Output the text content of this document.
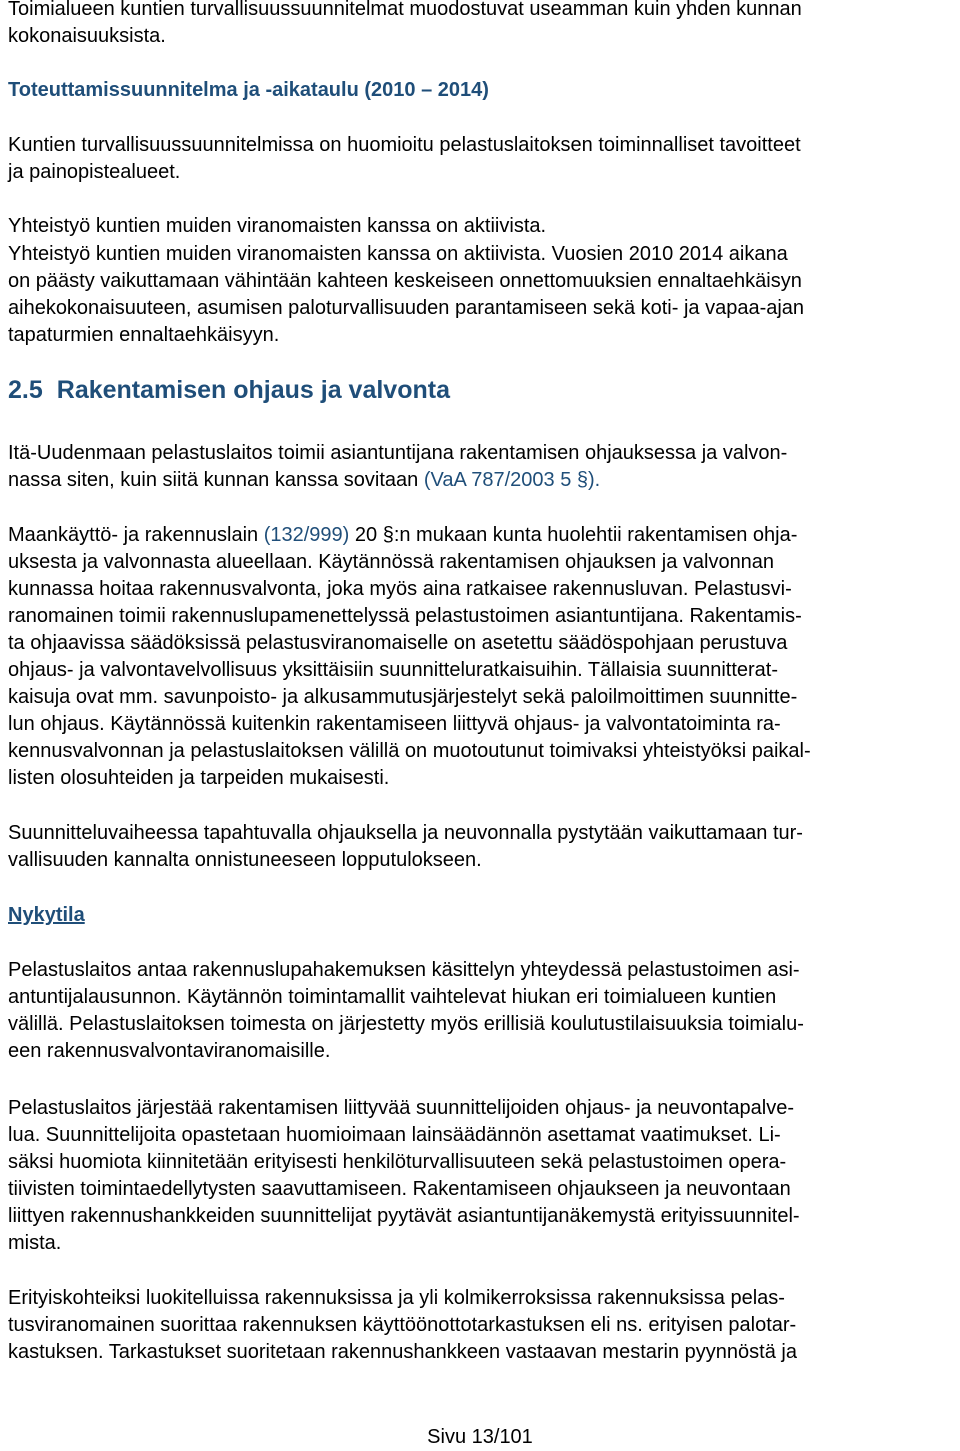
Toimialueen kuntien turvallisuussuunnitelmat muodostuvat useamman kuin yhden kunnan
kokonaisuuksista.
Toteuttamissuunnitelma ja -aikataulu (2010 – 2014)
Kuntien turvallisuussuunnitelmissa on huomioitu pelastuslaitoksen toiminnalliset tavoitteet
ja painopistealueet.
Yhteistyö kuntien muiden viranomaisten kanssa on aktiivista.
Yhteistyö kuntien muiden viranomaisten kanssa on aktiivista. Vuosien 2010 2014 aikana
on päästy vaikuttamaan vähintään kahteen keskeiseen onnettomuuksien ennaltaehkäisyn
aihekokonaisuuteen, asumisen paloturvallisuuden parantamiseen sekä koti- ja vapaa-ajan
tapaturmien ennaltaehkäisyyn.
2.5 Rakentamisen ohjaus ja valvonta
Itä-Uudenmaan pelastuslaitos toimii asiantuntijana rakentamisen ohjauksessa ja valvon-
nassa siten, kuin siitä kunnan kanssa sovitaan (VaA 787/2003 5 §).
Maankäyttö- ja rakennuslain (132/999) 20 §:n mukaan kunta huolehtii rakentamisen ohja-
uksesta ja valvonnasta alueellaan. Käytännössä rakentamisen ohjauksen ja valvonnan
kunnassa hoitaa rakennusvalvonta, joka myös aina ratkaisee rakennusluvan. Pelastusvi-
ranomainen toimii rakennuslupamenettelyssä pelastustoimen asiantuntijana. Rakentamis-
ta ohjaavissa säädöksissä pelastusviranomaiselle on asetettu säädöspohjaan perustuva
ohjaus- ja valvontavelvollisuus yksittäisiin suunnitteluratkaisuihin. Tällaisia suunnitterat-
kaisuja ovat mm. savunpoisto- ja alkusammutusjärjestelyt sekä paloilmoittimen suunnitte-
lun ohjaus. Käytännössä kuitenkin rakentamiseen liittyvä ohjaus- ja valvontatoiminta ra-
kennusvalvonnan ja pelastuslaitoksen välillä on muotoutunut toimivaksi yhteistyöksi paikal-
listen olosuhteiden ja tarpeiden mukaisesti.
Suunnitteluvaiheessa tapahtuvalla ohjauksella ja neuvonnalla pystytään vaikuttamaan tur-
vallisuuden kannalta onnistuneeseen lopputulokseen.
Nykytila
Pelastuslaitos antaa rakennuslupahakemuksen käsittelyn yhteydessä pelastustoimen asi-
antuntijalausunnon. Käytännön toimintamallit vaihtelevat hiukan eri toimialueen kuntien
välillä. Pelastuslaitoksen toimesta on järjestetty myös erillisiä koulutustilaisuuksia toimialu-
een rakennusvalvontaviranomaisille.
Pelastuslaitos järjestää rakentamisen liittyvää suunnittelijoiden ohjaus- ja neuvontapalve-
lua. Suunnittelijoita opastetaan huomioimaan lainsäädännön asettamat vaatimukset. Li-
säksi huomiota kiinnitetään erityisesti henkilöturvallisuuteen sekä pelastustoimen opera-
tiivisten toimintaedellytysten saavuttamiseen. Rakentamiseen ohjaukseen ja neuvontaan
liittyen rakennushankkeiden suunnittelijat pyytävät asiantuntijanäkemystä erityissuunnitel-
mista.
Erityiskohteiksi luokitelluissa rakennuksissa ja yli kolmikerroksissa rakennuksissa pelas-
tusviranomainen suorittaa rakennuksen käyttöönottotarkastuksen eli ns. erityisen palotar-
kastuksen. Tarkastukset suoritetaan rakennushankkeen vastaavan mestarin pyynnöstä ja
Sivu 13/101
